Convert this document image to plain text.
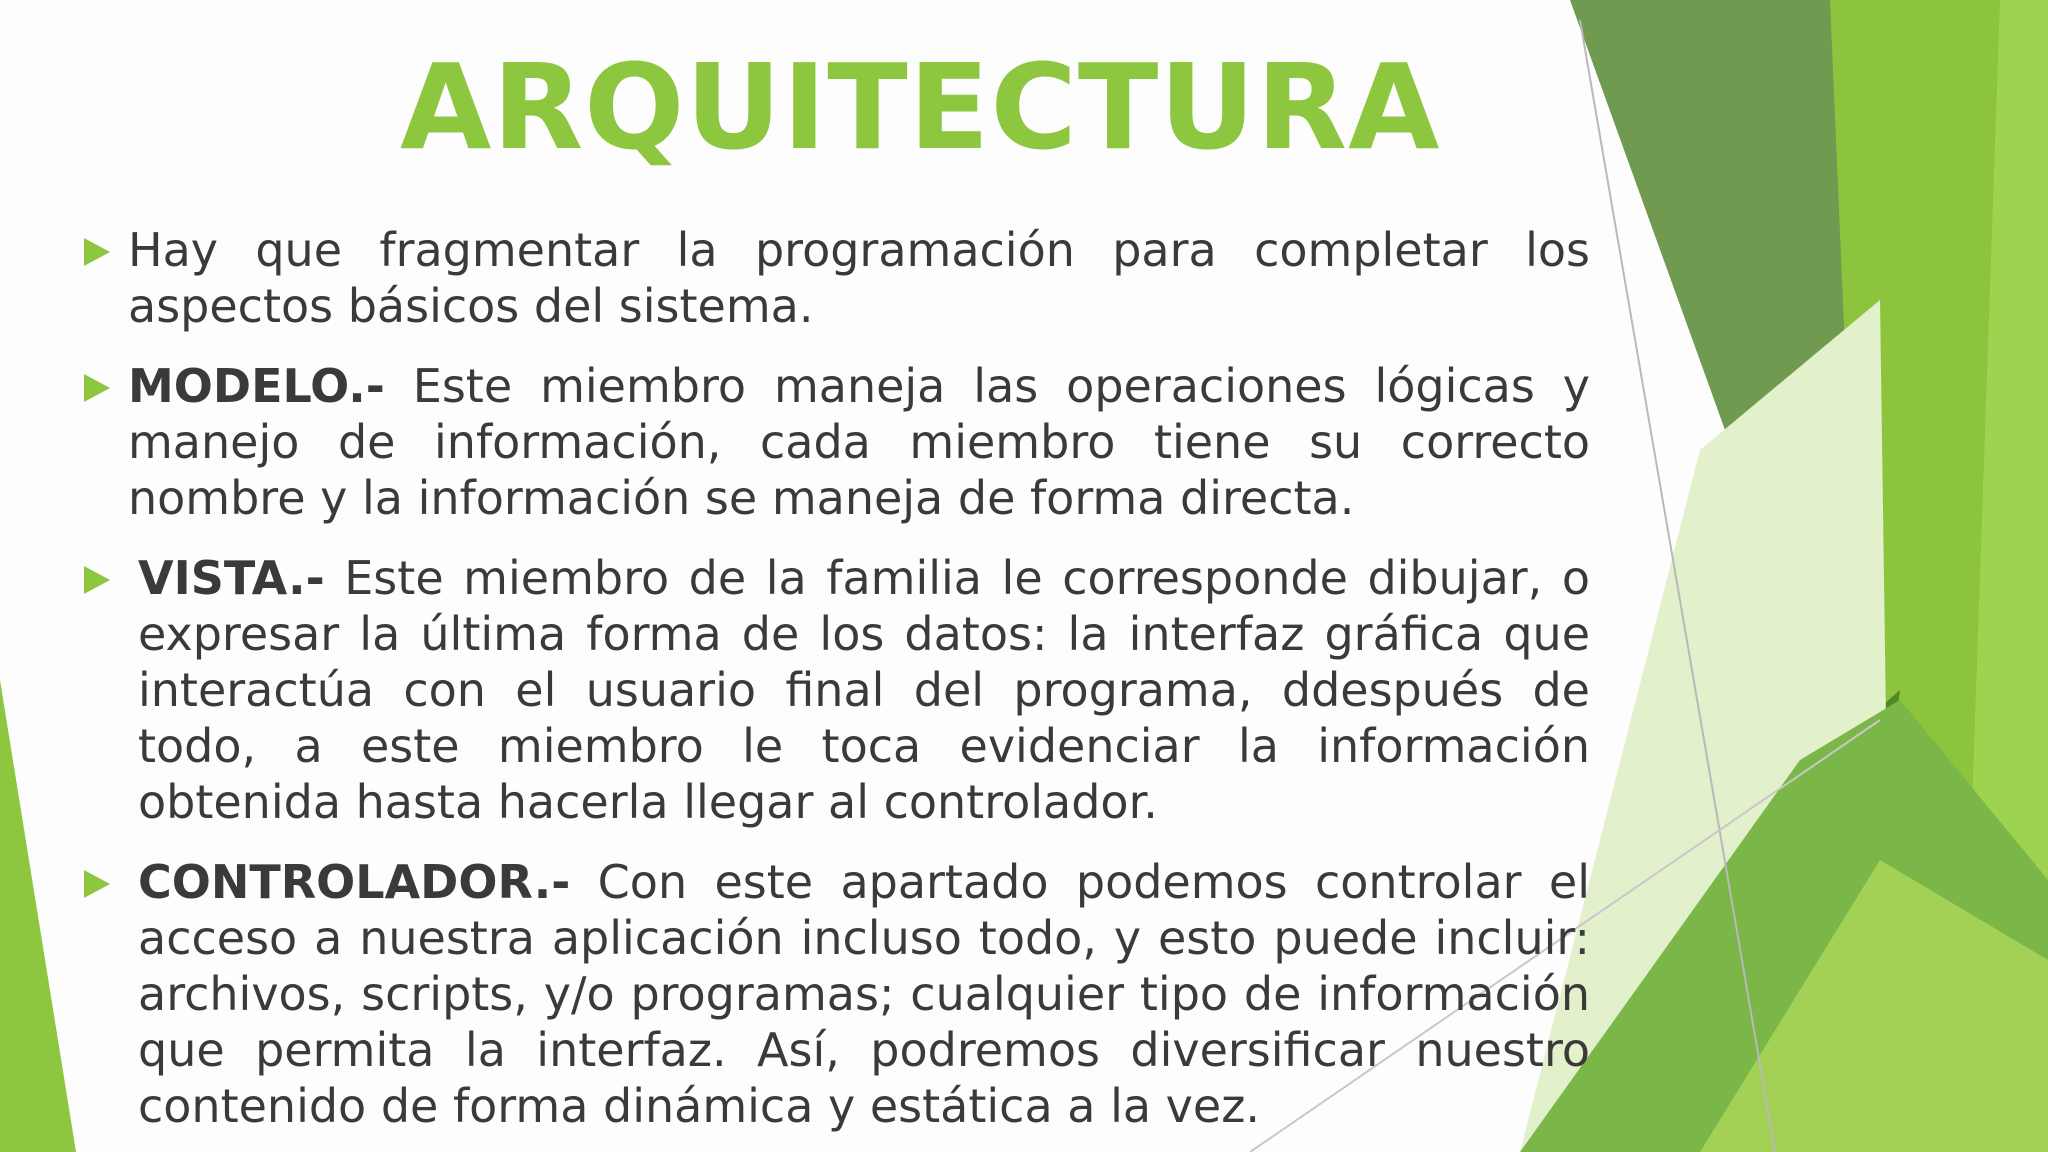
ARQUITECTURA
Hay que fragmentar la programación para completar los aspectos básicos del sistema.
MODELO.- Este miembro maneja las operaciones lógicas y manejo de información, cada miembro tiene su correcto nombre y la información se maneja de forma directa.
VISTA.- Este miembro de la familia le corresponde dibujar, o expresar la última forma de los datos: la interfaz gráfica que interactúa con el usuario final del programa, ddespués de todo, a este miembro le toca evidenciar la información obtenida hasta hacerla llegar al controlador.
CONTROLADOR.- Con este apartado podemos controlar el acceso a nuestra aplicación incluso todo, y esto puede incluir: archivos, scripts, y/o programas; cualquier tipo de información que permita la interfaz. Así, podremos diversificar nuestro contenido de forma dinámica y estática a la vez.
